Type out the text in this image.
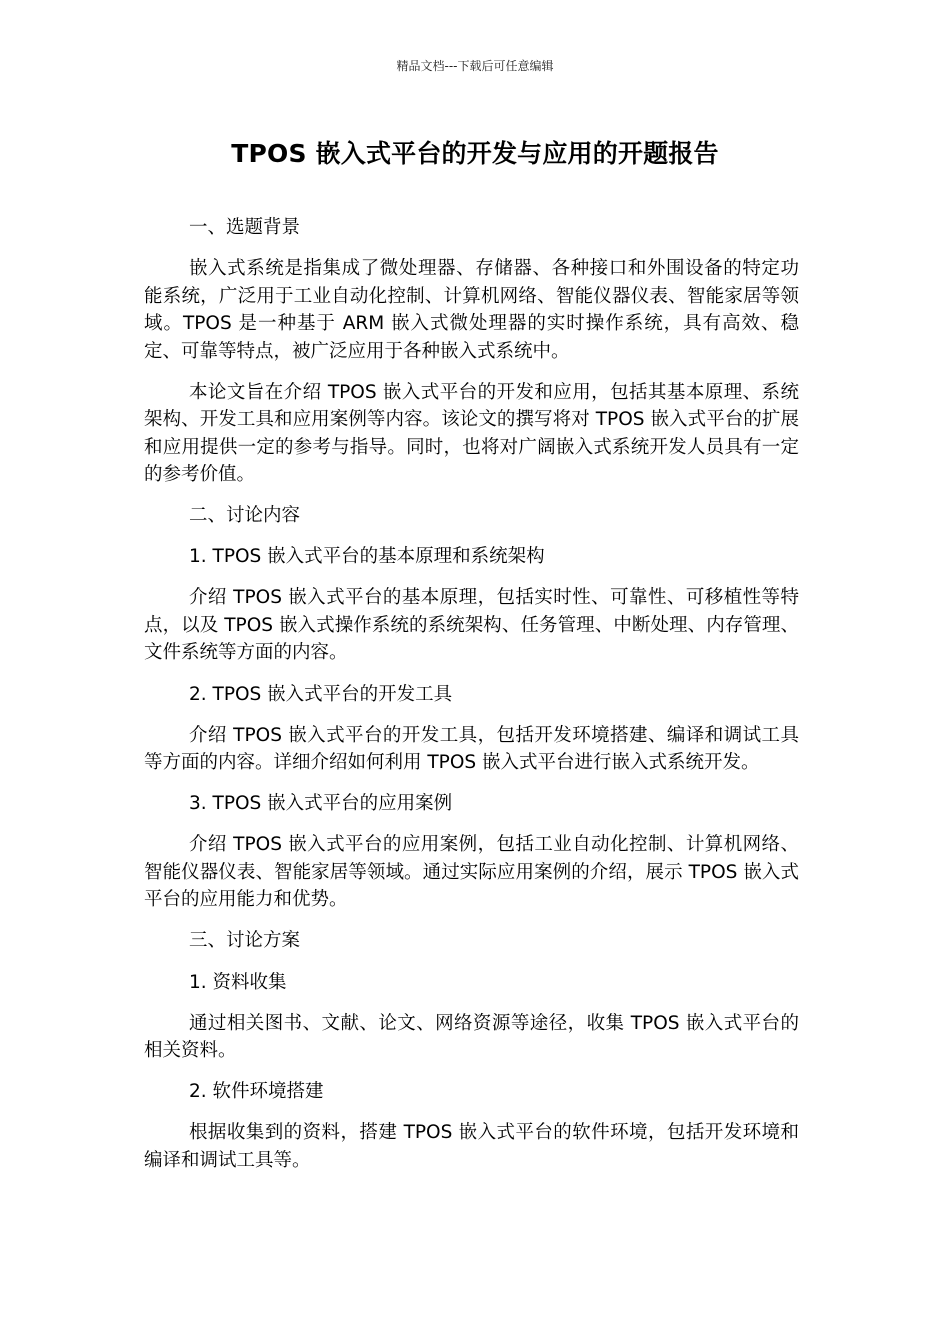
精品文档---下载后可任意编辑
TPOS 嵌入式平台的开发与应用的开题报告

一、选题背景

嵌入式系统是指集成了微处理器、存储器、各种接口和外围设备的特定功能系统，广泛用于工业自动化控制、计算机网络、智能仪器仪表、智能家居等领域。TPOS 是一种基于 ARM 嵌入式微处理器的实时操作系统，具有高效、稳定、可靠等特点，被广泛应用于各种嵌入式系统中。

本论文旨在介绍 TPOS 嵌入式平台的开发和应用，包括其基本原理、系统架构、开发工具和应用案例等内容。该论文的撰写将对 TPOS 嵌入式平台的扩展和应用提供一定的参考与指导。同时，也将对广阔嵌入式系统开发人员具有一定的参考价值。

二、讨论内容

1. TPOS 嵌入式平台的基本原理和系统架构

介绍 TPOS 嵌入式平台的基本原理，包括实时性、可靠性、可移植性等特点，以及 TPOS 嵌入式操作系统的系统架构、任务管理、中断处理、内存管理、文件系统等方面的内容。

2. TPOS 嵌入式平台的开发工具

介绍 TPOS 嵌入式平台的开发工具，包括开发环境搭建、编译和调试工具等方面的内容。详细介绍如何利用 TPOS 嵌入式平台进行嵌入式系统开发。

3. TPOS 嵌入式平台的应用案例

介绍 TPOS 嵌入式平台的应用案例，包括工业自动化控制、计算机网络、智能仪器仪表、智能家居等领域。通过实际应用案例的介绍，展示 TPOS 嵌入式平台的应用能力和优势。

三、讨论方案

1. 资料收集

通过相关图书、文献、论文、网络资源等途径，收集 TPOS 嵌入式平台的相关资料。

2. 软件环境搭建

根据收集到的资料，搭建 TPOS 嵌入式平台的软件环境，包括开发环境和编译和调试工具等。
